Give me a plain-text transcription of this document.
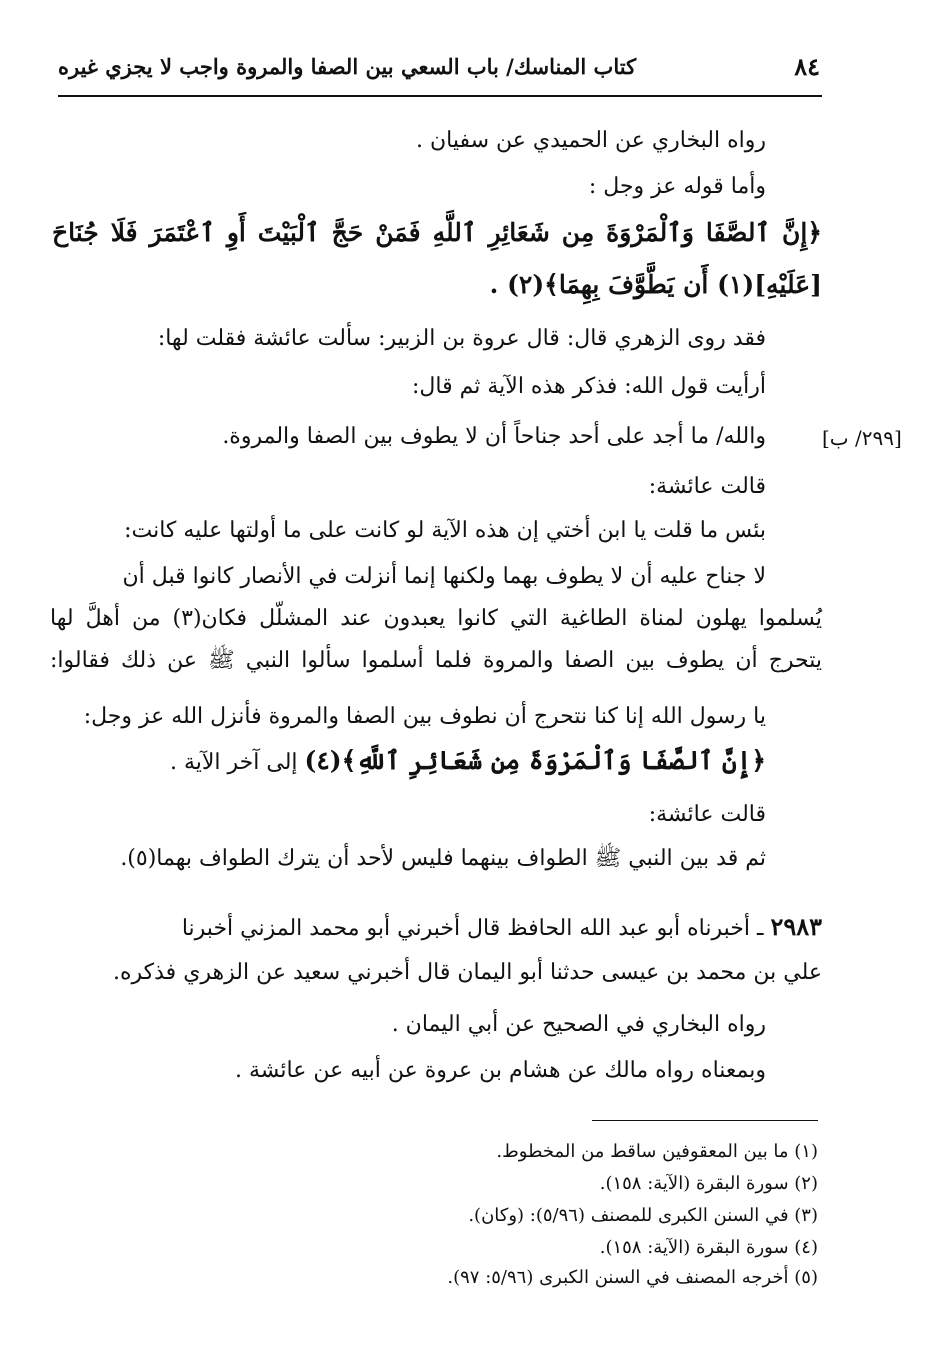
٨٤
كتاب المناسك/ باب السعي بين الصفا والمروة واجب لا يجزي غيره
[٢٩٩/ ب]
رواه البخاري عن الحميدي عن سفيان .
وأما قوله عز وجل :
﴿إِنَّ ٱلصَّفَا وَٱلْمَرْوَةَ مِن شَعَائِرِ ٱللَّهِ فَمَنْ حَجَّ ٱلْبَيْتَ أَوِ ٱعْتَمَرَ فَلَا جُنَاحَ
[عَلَيْهِ](١) أَن يَطَّوَّفَ بِهِمَا﴾(٢) .
فقد روى الزهري قال: قال عروة بن الزبير: سألت عائشة فقلت لها:
أرأيت قول الله: فذكر هذه الآية ثم قال:
والله/ ما أجد على أحد جناحاً أن لا يطوف بين الصفا والمروة.
قالت عائشة:
بئس ما قلت يا ابن أختي إن هذه الآية لو كانت على ما أولتها عليه كانت:
لا جناح عليه أن لا يطوف بهما ولكنها إنما أنزلت في الأنصار كانوا قبل أن
يُسلموا يهلون لمناة الطاغية التي كانوا يعبدون عند المشلّل فكان(٣) من أهلَّ لها
يتحرج أن يطوف بين الصفا والمروة فلما أسلموا سألوا النبي ﷺ عن ذلك فقالوا:
يا رسول الله إنا كنا نتحرج أن نطوف بين الصفا والمروة فأنزل الله عز وجل:
﴿إِنَّ ٱلصَّفَا وَٱلْمَرْوَةَ مِن شَعَائِرِ ٱللَّهِ﴾(٤) إلى آخر الآية .
قالت عائشة:
ثم قد بين النبي ﷺ الطواف بينهما فليس لأحد أن يترك الطواف بهما(٥).
٢٩٨٣ ـ أخبرناه أبو عبد الله الحافظ قال أخبرني أبو محمد المزني أخبرنا
علي بن محمد بن عيسى حدثنا أبو اليمان قال أخبرني سعيد عن الزهري فذكره.
رواه البخاري في الصحيح عن أبي اليمان .
وبمعناه رواه مالك عن هشام بن عروة عن أبيه عن عائشة .
(١) ما بين المعقوفين ساقط من المخطوط.
(٢) سورة البقرة (الآية: ١٥٨).
(٣) في السنن الكبرى للمصنف (٥/٩٦): (وكان).
(٤) سورة البقرة (الآية: ١٥٨).
(٥) أخرجه المصنف في السنن الكبرى (٥/٩٦: ٩٧).
